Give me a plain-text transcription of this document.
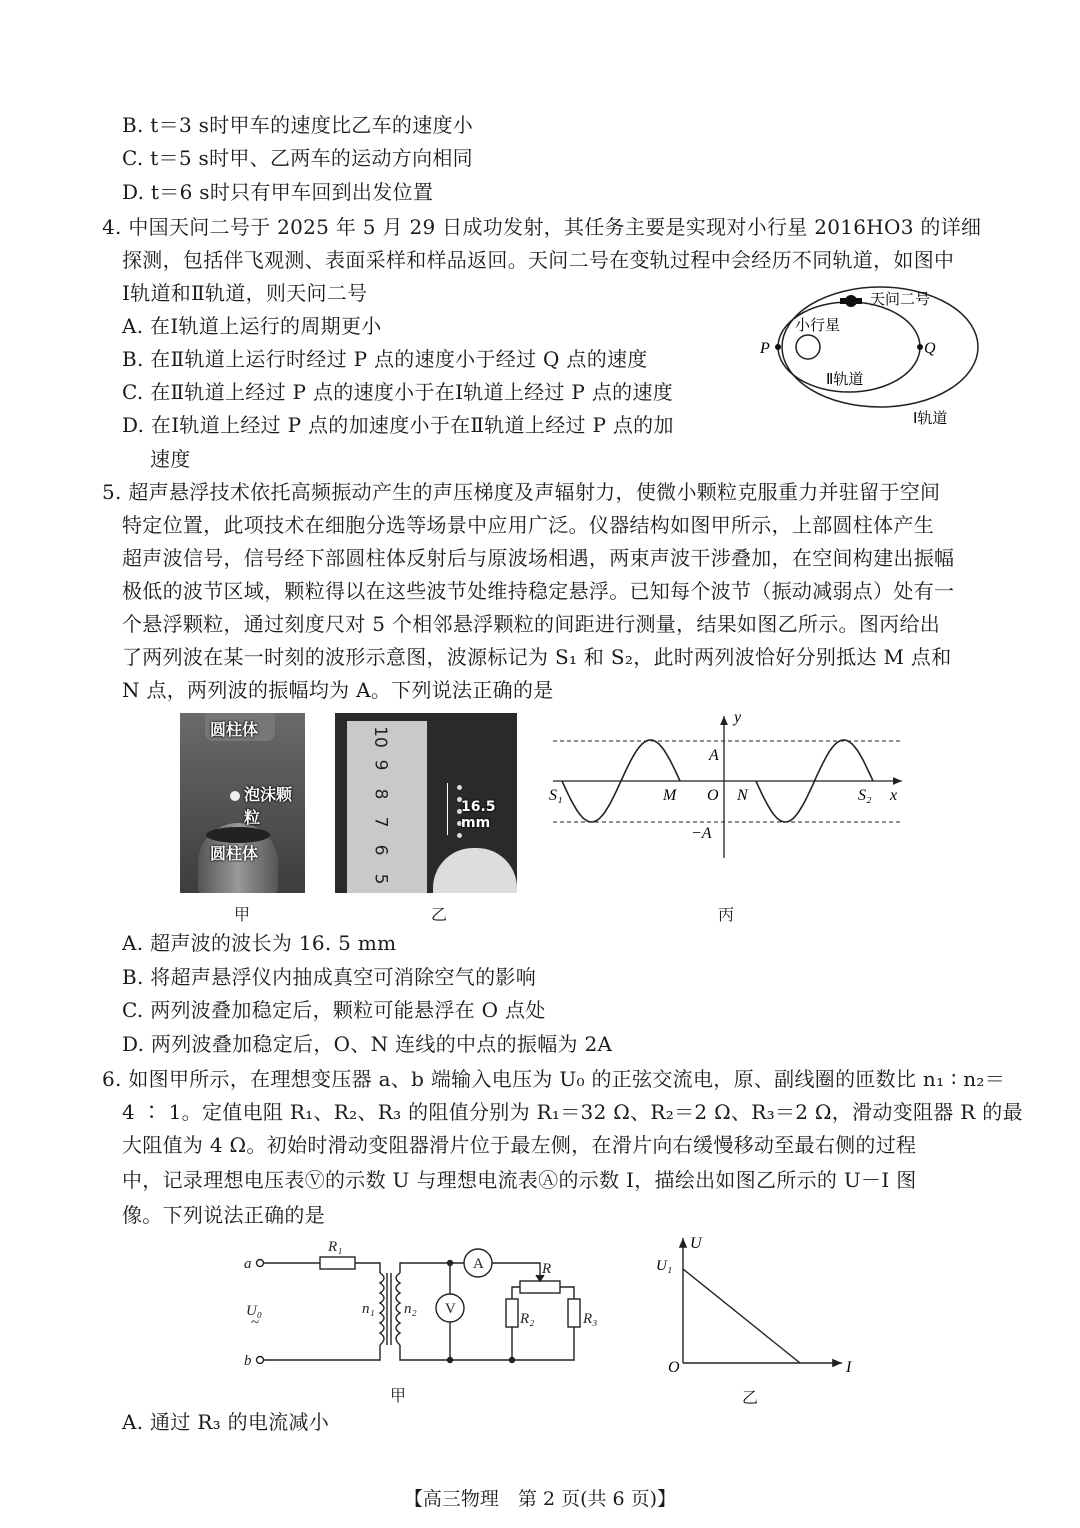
B. t＝3 s时甲车的速度比乙车的速度小
C. t＝5 s时甲、乙两车的运动方向相同
D. t＝6 s时只有甲车回到出发位置
4. 中国天问二号于 2025 年 5 月 29 日成功发射，其任务主要是实现对小行星 2016HO3 的详细
探测，包括伴飞观测、表面采样和样品返回。天问二号在变轨过程中会经历不同轨道，如图中
Ⅰ轨道和Ⅱ轨道，则天问二号
A. 在Ⅰ轨道上运行的周期更小
B. 在Ⅱ轨道上运行时经过 P 点的速度小于经过 Q 点的速度
C. 在Ⅱ轨道上经过 P 点的速度小于在Ⅰ轨道上经过 P 点的速度
D. 在Ⅰ轨道上经过 P 点的加速度小于在Ⅱ轨道上经过 P 点的加
速度
天问二号
小行星
P	Q
Ⅱ轨道
Ⅰ轨道
5. 超声悬浮技术依托高频振动产生的声压梯度及声辐射力，使微小颗粒克服重力并驻留于空间
特定位置，此项技术在细胞分选等场景中应用广泛。仪器结构如图甲所示，上部圆柱体产生
超声波信号，信号经下部圆柱体反射后与原波场相遇，两束声波干涉叠加，在空间构建出振幅
极低的波节区域，颗粒得以在这些波节处维持稳定悬浮。已知每个波节（振动减弱点）处有一
个悬浮颗粒，通过刻度尺对 5 个相邻悬浮颗粒的间距进行测量，结果如图乙所示。图丙给出
了两列波在某一时刻的波形示意图，波源标记为 S₁ 和 S₂，此时两列波恰好分别抵达 M 点和
N 点，两列波的振幅均为 A。下列说法正确的是
圆柱体
泡沫颗粒
圆柱体
甲
10
9
8
7
6
5
16.5 mm
乙
y
x
A
−A
S₁	M O N	S₂
丙
A. 超声波的波长为 16. 5 mm
B. 将超声悬浮仪内抽成真空可消除空气的影响
C. 两列波叠加稳定后，颗粒可能悬浮在 O 点处
D. 两列波叠加稳定后，O、N 连线的中点的振幅为 2A
6. 如图甲所示，在理想变压器 a、b 端输入电压为 U₀ 的正弦交流电，原、副线圈的匝数比 n₁ ∶ n₂＝
4 ∶ 1。定值电阻 R₁、R₂、R₃ 的阻值分别为 R₁＝32 Ω、R₂＝2 Ω、R₃＝2 Ω，滑动变阻器 R 的最
大阻值为 4 Ω。初始时滑动变阻器滑片位于最左侧，在滑片向右缓慢移动至最右侧的过程
中，记录理想电压表Ⓥ的示数 U 与理想电流表Ⓐ的示数 I，描绘出如图乙所示的 U－I 图
像。下列说法正确的是
a
b
U₀
~
R₁
n₁ n₂
A
V
R
R₂	R₃
甲
U
I
O
U₁
乙
A. 通过 R₃ 的电流减小
【高三物理　第 2 页(共 6 页)】
